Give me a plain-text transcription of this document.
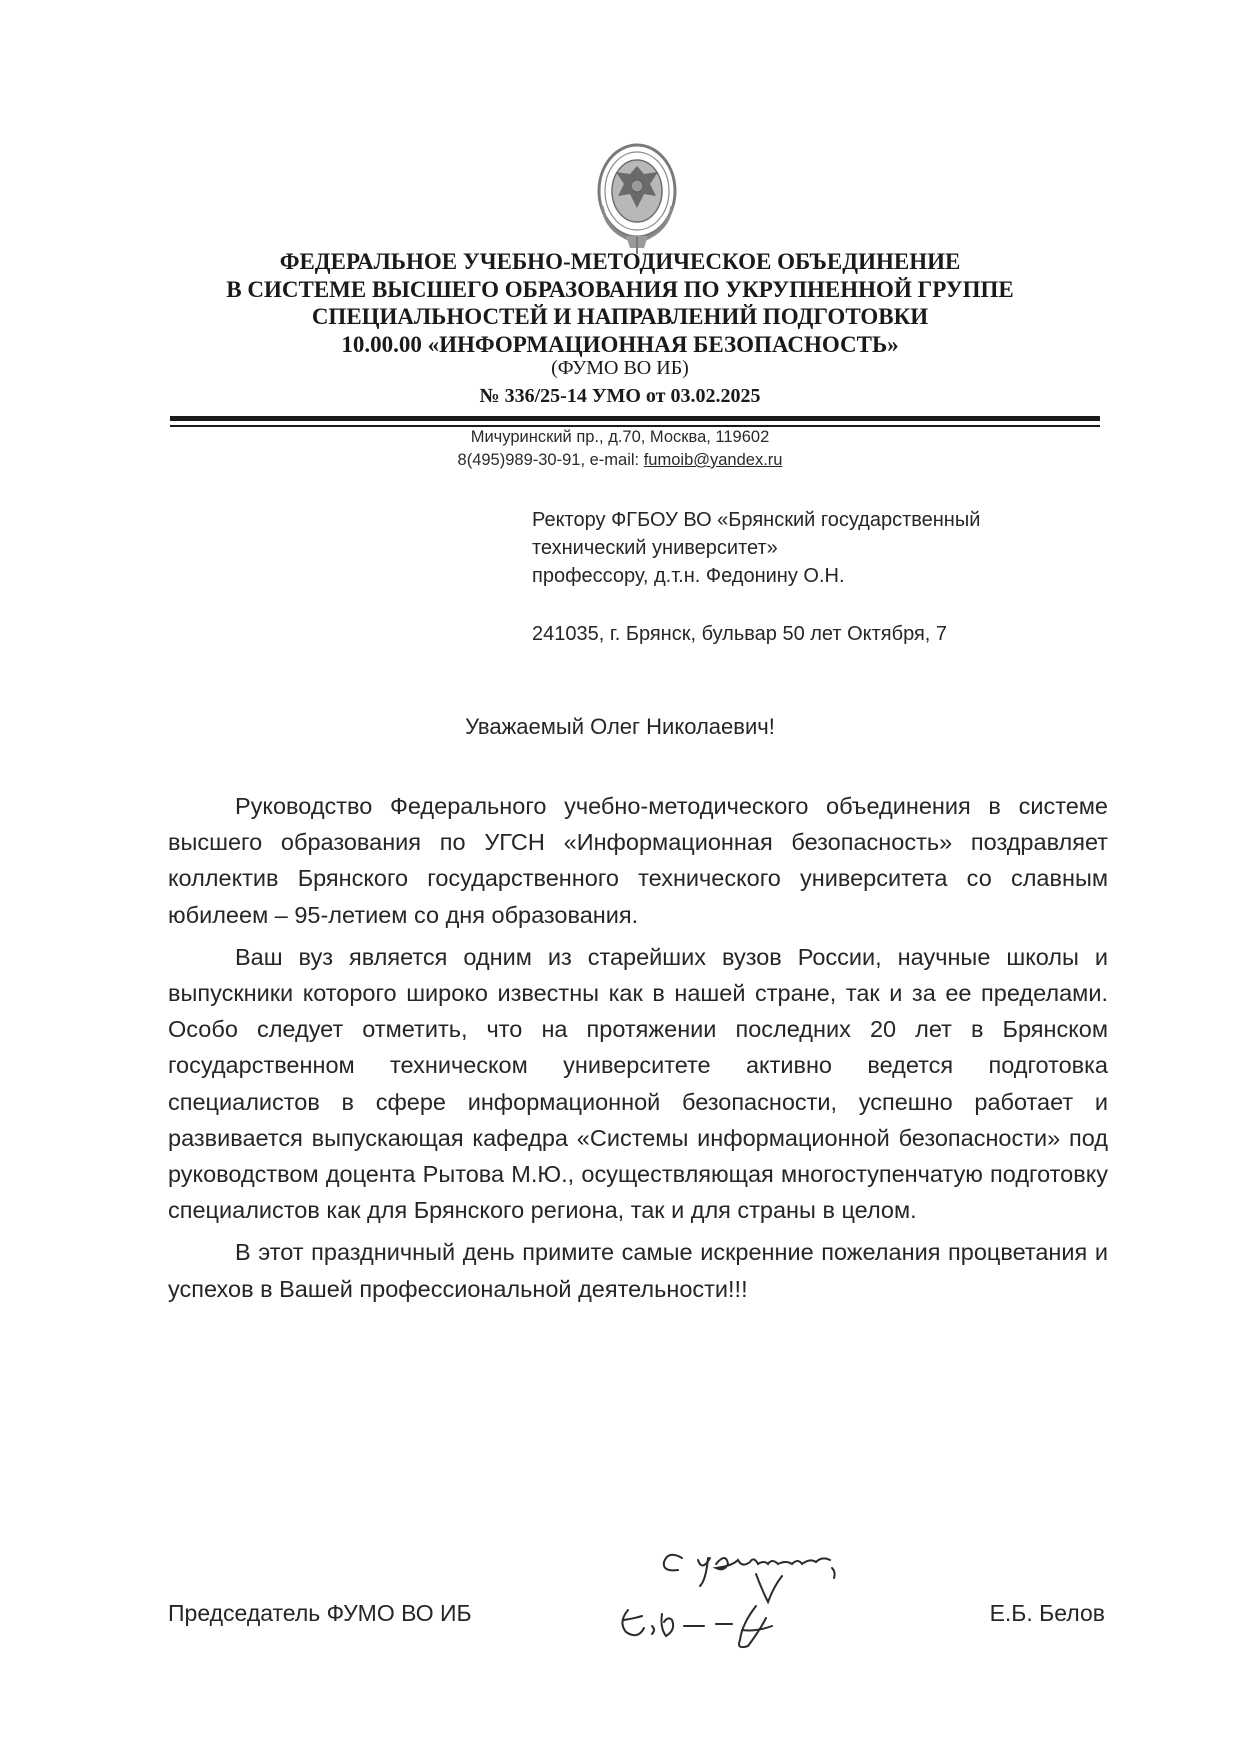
ФЕДЕРАЛЬНОЕ УЧЕБНО-МЕТОДИЧЕСКОЕ ОБЪЕДИНЕНИЕ
В СИСТЕМЕ ВЫСШЕГО ОБРАЗОВАНИЯ ПО УКРУПНЕННОЙ ГРУППЕ
СПЕЦИАЛЬНОСТЕЙ И НАПРАВЛЕНИЙ ПОДГОТОВКИ
10.00.00 «ИНФОРМАЦИОННАЯ БЕЗОПАСНОСТЬ»
(ФУМО ВО ИБ)
№ 336/25-14 УМО от 03.02.2025
Мичуринский пр., д.70, Москва, 119602
8(495)989-30-91, e-mail: fumoib@yandex.ru
Ректору ФГБОУ ВО «Брянский государственный
технический университет»
профессору, д.т.н. Федонину О.Н.
241035, г. Брянск, бульвар 50 лет Октября, 7
Уважаемый Олег Николаевич!

Руководство Федерального учебно-методического объединения в системе высшего образования по УГСН «Информационная безопасность» поздравляет коллектив Брянского государственного технического университета со славным юбилеем – 95-летием со дня образования.

Ваш вуз является одним из старейших вузов России, научные школы и выпускники которого широко известны как в нашей стране, так и за ее пределами. Особо следует отметить, что на протяжении последних 20 лет в Брянском государственном техническом университете активно ведется подготовка специалистов в сфере информационной безопасности, успешно работает и развивается выпускающая кафедра «Системы информационной безопасности» под руководством доцента Рытова М.Ю., осуществляющая многоступенчатую подготовку специалистов как для Брянского региона, так и для страны в целом.

В этот праздничный день примите самые искренние пожелания процветания и успехов в Вашей профессиональной деятельности!!!

Председатель ФУМО ВО ИБ	Е.Б. Белов
